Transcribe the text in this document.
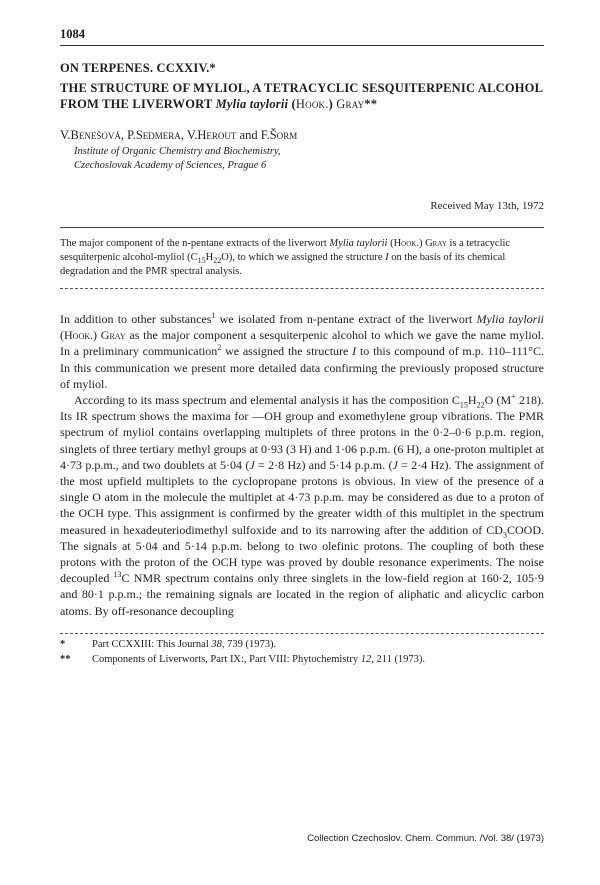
1084

ON TERPENES. CCXXIV.*

THE STRUCTURE OF MYLIOL, A TETRACYCLIC SESQUITERPENIC ALCOHOL FROM THE LIVERWORT Mylia taylorii (Hook.) Gray**

V.Benešová, P.Sedmera, V.Herout and F.Šorm

Institute of Organic Chemistry and Biochemistry,
Czechoslovak Academy of Sciences, Prague 6

Received May 13th, 1972

The major component of the n-pentane extracts of the liverwort Mylia taylorii (Hook.) Gray is a tetracyclic sesquiterpenic alcohol-myliol $(C_{15}H_{22}O)$, to which we assigned the structure I on the basis of its chemical degradation and the PMR spectral analysis.

In addition to other substances$^1$ we isolated from n-pentane extract of the liverwort Mylia taylorii (Hook.) Gray as the major component a sesquiterpenic alcohol to which we gave the name myliol. In a preliminary communication$^2$ we assigned the structure I to this compound of m.p. 110–111°C. In this communication we present more detailed data confirming the previously proposed structure of myliol.

According to its mass spectrum and elemental analysis it has the composition $C_{15}H_{22}O$ (M+ 218). Its IR spectrum shows the maxima for —OH group and exomethylene group vibrations. The PMR spectrum of myliol contains overlapping multiplets of three protons in the 0·2–0·6 p.p.m. region, singlets of three tertiary methyl groups at 0·93 (3 H) and 1·06 p.p.m. (6 H), a one-proton multiplet at 4·73 p.p.m., and two doublets at 5·04 (J = 2·8 Hz) and 5·14 p.p.m. (J = 2·4 Hz). The assignment of the most upfield multiplets to the cyclopropane protons is obvious. In view of the presence of a single O atom in the molecule the multiplet at 4·73 p.p.m. may be considered as due to a proton of the OCH type. This assignment is confirmed by the greater width of this multiplet in the spectrum measured in hexadeuteriodimethyl sulfoxide and to its narrowing after the addition of $CD_3COOD$. The signals at 5·04 and 5·14 p.p.m. belong to two olefinic protons. The coupling of both these protons with the proton of the OCH type was proved by double resonance experiments. The noise decoupled $^{13}$C NMR spectrum contains only three singlets in the low-field region at 160·2, 105·9 and 80·1 p.p.m.; the remaining signals are located in the region of aliphatic and alicyclic carbon atoms. By off-resonance decoupling

*	Part CCXXIII: This Journal 38, 739 (1973).
**	Components of Liverworts, Part IX:, Part VIII: Phytochemistry 12, 211 (1973).
Collection Czechoslov. Chem. Commun. /Vol. 38/ (1973)
